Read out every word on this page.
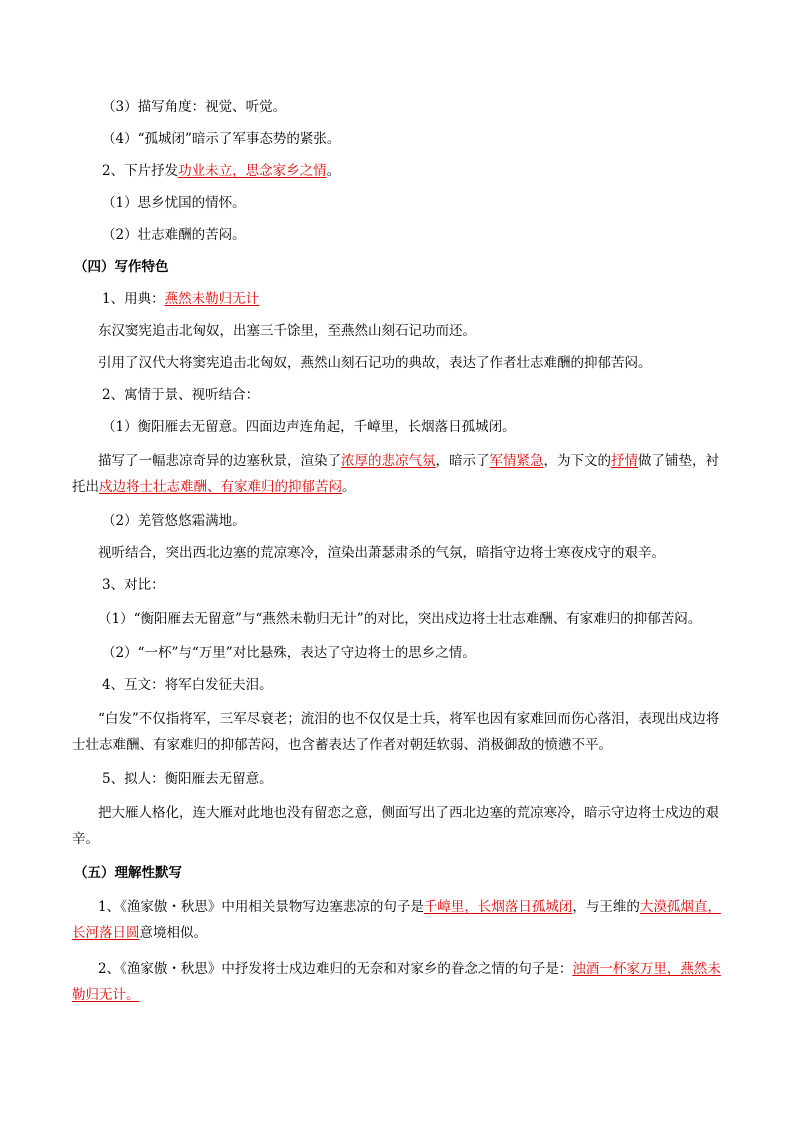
（3）描写角度：视觉、听觉。

（4）“孤城闭”暗示了军事态势的紧张。

2、下片抒发功业未立，思念家乡之情。

（1）思乡忧国的情怀。

（2）壮志难酬的苦闷。

（四）写作特色

1、用典：燕然未勒归无计

东汉窦宪追击北匈奴，出塞三千馀里，至燕然山刻石记功而还。

引用了汉代大将窦宪追击北匈奴，燕然山刻石记功的典故，表达了作者壮志难酬的抑郁苦闷。

2、寓情于景、视听结合：

（1）衡阳雁去无留意。四面边声连角起，千嶂里，长烟落日孤城闭。

描写了一幅悲凉奇异的边塞秋景，渲染了浓厚的悲凉气氛，暗示了军情紧急，为下文的抒情做了铺垫，衬托出戍边将士壮志难酬、有家难归的抑郁苦闷。

（2）羌管悠悠霜满地。

视听结合，突出西北边塞的荒凉寒冷，渲染出萧瑟肃杀的气氛，暗指守边将士寒夜戍守的艰辛。

3、对比：

（1）“衡阳雁去无留意”与“燕然未勒归无计”的对比，突出戍边将士壮志难酬、有家难归的抑郁苦闷。

（2）“一杯”与“万里”对比悬殊，表达了守边将士的思乡之情。

4、互文：将军白发征夫泪。

“白发”不仅指将军，三军尽衰老；流泪的也不仅仅是士兵，将军也因有家难回而伤心落泪，表现出戍边将士壮志难酬、有家难归的抑郁苦闷，也含蓄表达了作者对朝廷软弱、消极御敌的愤懑不平。

5、拟人：衡阳雁去无留意。

把大雁人格化，连大雁对此地也没有留恋之意，侧面写出了西北边塞的荒凉寒冷，暗示守边将士戍边的艰辛。

（五）理解性默写

1、《渔家傲・秋思》中用相关景物写边塞悲凉的句子是千嶂里，长烟落日孤城闭，与王维的大漠孤烟直，长河落日圆意境相似。

2、《渔家傲・秋思》中抒发将士戍边难归的无奈和对家乡的眷念之情的句子是：浊酒一杯家万里，燕然未勒归无计。
